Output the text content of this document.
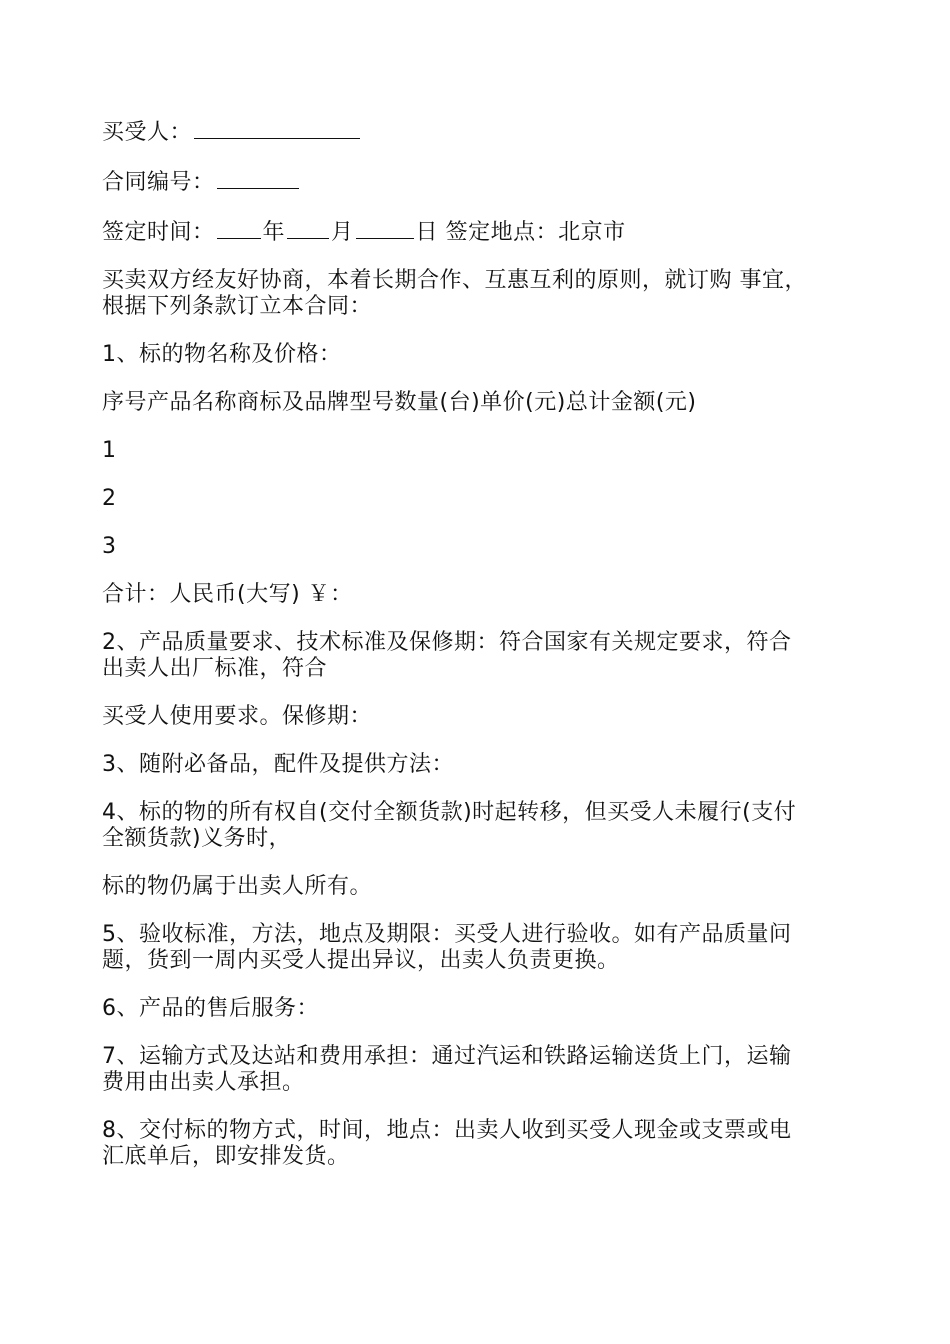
买受人：

合同编号：

签定时间： 年 月	日 签定地点：北京市

买卖双方经友好协商，本着长期合作、互惠互利的原则，就订购 事宜，
根据下列条款订立本合同：

1、标的物名称及价格：

序号产品名称商标及品牌型号数量(台)单价(元)总计金额(元)

1

2

3

合计：人民币(大写) ￥：

2、产品质量要求、技术标准及保修期：符合国家有关规定要求，符合
出卖人出厂标准，符合

买受人使用要求。保修期：

3、随附必备品，配件及提供方法：

4、标的物的所有权自(交付全额货款)时起转移，但买受人未履行(支付
全额货款)义务时，

标的物仍属于出卖人所有。

5、验收标准，方法，地点及期限：买受人进行验收。如有产品质量问
题，货到一周内买受人提出异议，出卖人负责更换。

6、产品的售后服务：

7、运输方式及达站和费用承担：通过汽运和铁路运输送货上门，运输
费用由出卖人承担。

8、交付标的物方式，时间，地点：出卖人收到买受人现金或支票或电
汇底单后，即安排发货。
